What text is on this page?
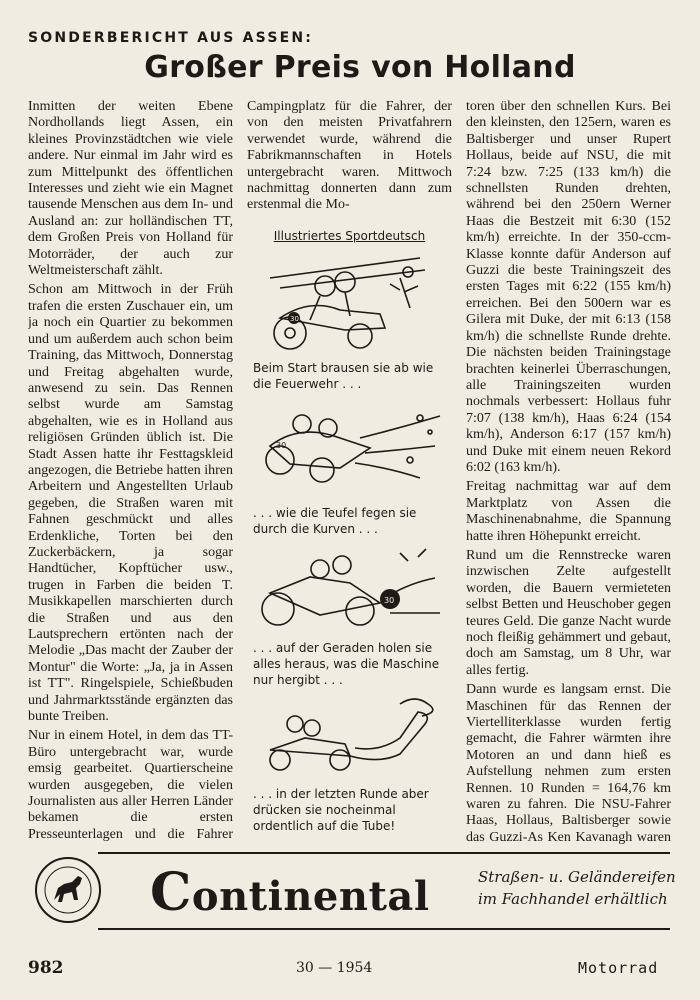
SONDERBERICHT AUS ASSEN:
Großer Preis von Holland

Inmitten der weiten Ebene Nordhollands liegt Assen, ein kleines Provinzstädtchen wie viele andere. Nur einmal im Jahr wird es zum Mittelpunkt des öffentlichen Interesses und zieht wie ein Magnet tausende Menschen aus dem In- und Ausland an: zur holländischen TT, dem Großen Preis von Holland für Motorräder, der auch zur Weltmeisterschaft zählt.

Schon am Mittwoch in der Früh trafen die ersten Zuschauer ein, um ja noch ein Quartier zu bekommen und um außerdem auch schon beim Training, das Mittwoch, Donnerstag und Freitag abgehalten wurde, anwesend zu sein. Das Rennen selbst wurde am Samstag abgehalten, wie es in Holland aus religiösen Gründen üblich ist. Die Stadt Assen hatte ihr Festtagskleid angezogen, die Betriebe hatten ihren Arbeitern und Angestellten Urlaub gegeben, die Straßen waren mit Fahnen geschmückt und alles Erdenkliche, Torten bei den Zuckerbäckern, ja sogar Handtücher, Kopftücher usw., trugen in Farben die beiden T. Musikkapellen marschierten durch die Straßen und aus den Lautsprechern ertönten nach der Melodie „Das macht der Zauber der Montur" die Worte: „Ja, ja in Assen ist TT". Ringelspiele, Schießbuden und Jahrmarktsstände ergänzten das bunte Treiben.

Nur in einem Hotel, in dem das TT-Büro untergebracht war, wurde emsig gearbeitet. Quartierscheine wurden ausgegeben, die vielen Journalisten aus aller Herren Länder bekamen die ersten Presseunterlagen und die Fahrer

Campingplatz für die Fahrer, der von den meisten Privatfahrern verwendet wurde, während die Fabrikmannschaften in Hotels untergebracht waren. Mittwoch nachmittag donnerten dann zum erstenmal die Mo-

Illustriertes Sportdeutsch
30
Beim Start brausen sie ab wie die Feuerwehr . . .
30
. . . wie die Teufel fegen sie durch die Kurven . . .
30
. . . auf der Geraden holen sie alles heraus, was die Maschine nur hergibt . . .
. . . in der letzten Runde aber drücken sie nocheinmal ordentlich auf die Tube!

toren über den schnellen Kurs. Bei den kleinsten, den 125ern, waren es Baltisberger und unser Rupert Hollaus, beide auf NSU, die mit 7:24 bzw. 7:25 (133 km/h) die schnellsten Runden drehten, während bei den 250ern Werner Haas die Bestzeit mit 6:30 (152 km/h) erreichte. In der 350-ccm-Klasse konnte dafür Anderson auf Guzzi die beste Trainingszeit des ersten Tages mit 6:22 (155 km/h) erreichen. Bei den 500ern war es Gilera mit Duke, der mit 6:13 (158 km/h) die schnellste Runde drehte. Die nächsten beiden Trainingstage brachten keinerlei Überraschungen, alle Trainingszeiten wurden nochmals verbessert: Hollaus fuhr 7:07 (138 km/h), Haas 6:24 (154 km/h), Anderson 6:17 (157 km/h) und Duke mit einem neuen Rekord 6:02 (163 km/h).

Freitag nachmittag war auf dem Marktplatz von Assen die Maschinenabnahme, die Spannung hatte ihren Höhepunkt erreicht.

Rund um die Rennstrecke waren inzwischen Zelte aufgestellt worden, die Bauern vermieteten selbst Betten und Heuschober gegen teures Geld. Die ganze Nacht wurde noch fleißig gehämmert und gebaut, doch am Samstag, um 8 Uhr, war alles fertig.

Dann wurde es langsam ernst. Die Maschinen für das Rennen der Viertelliterklasse wurden fertig gemacht, die Fahrer wärmten ihre Motoren an und dann hieß es Aufstellung nehmen zum ersten Rennen. 10 Runden = 164,76 km waren zu fahren. Die NSU-Fahrer Haas, Hollaus, Baltisberger sowie das Guzzi-As Ken Kavanagh waren

Continental	Straßen- u. Geländereifen
im Fachhandel erhältlich
982	30 — 1954	Motorrad
